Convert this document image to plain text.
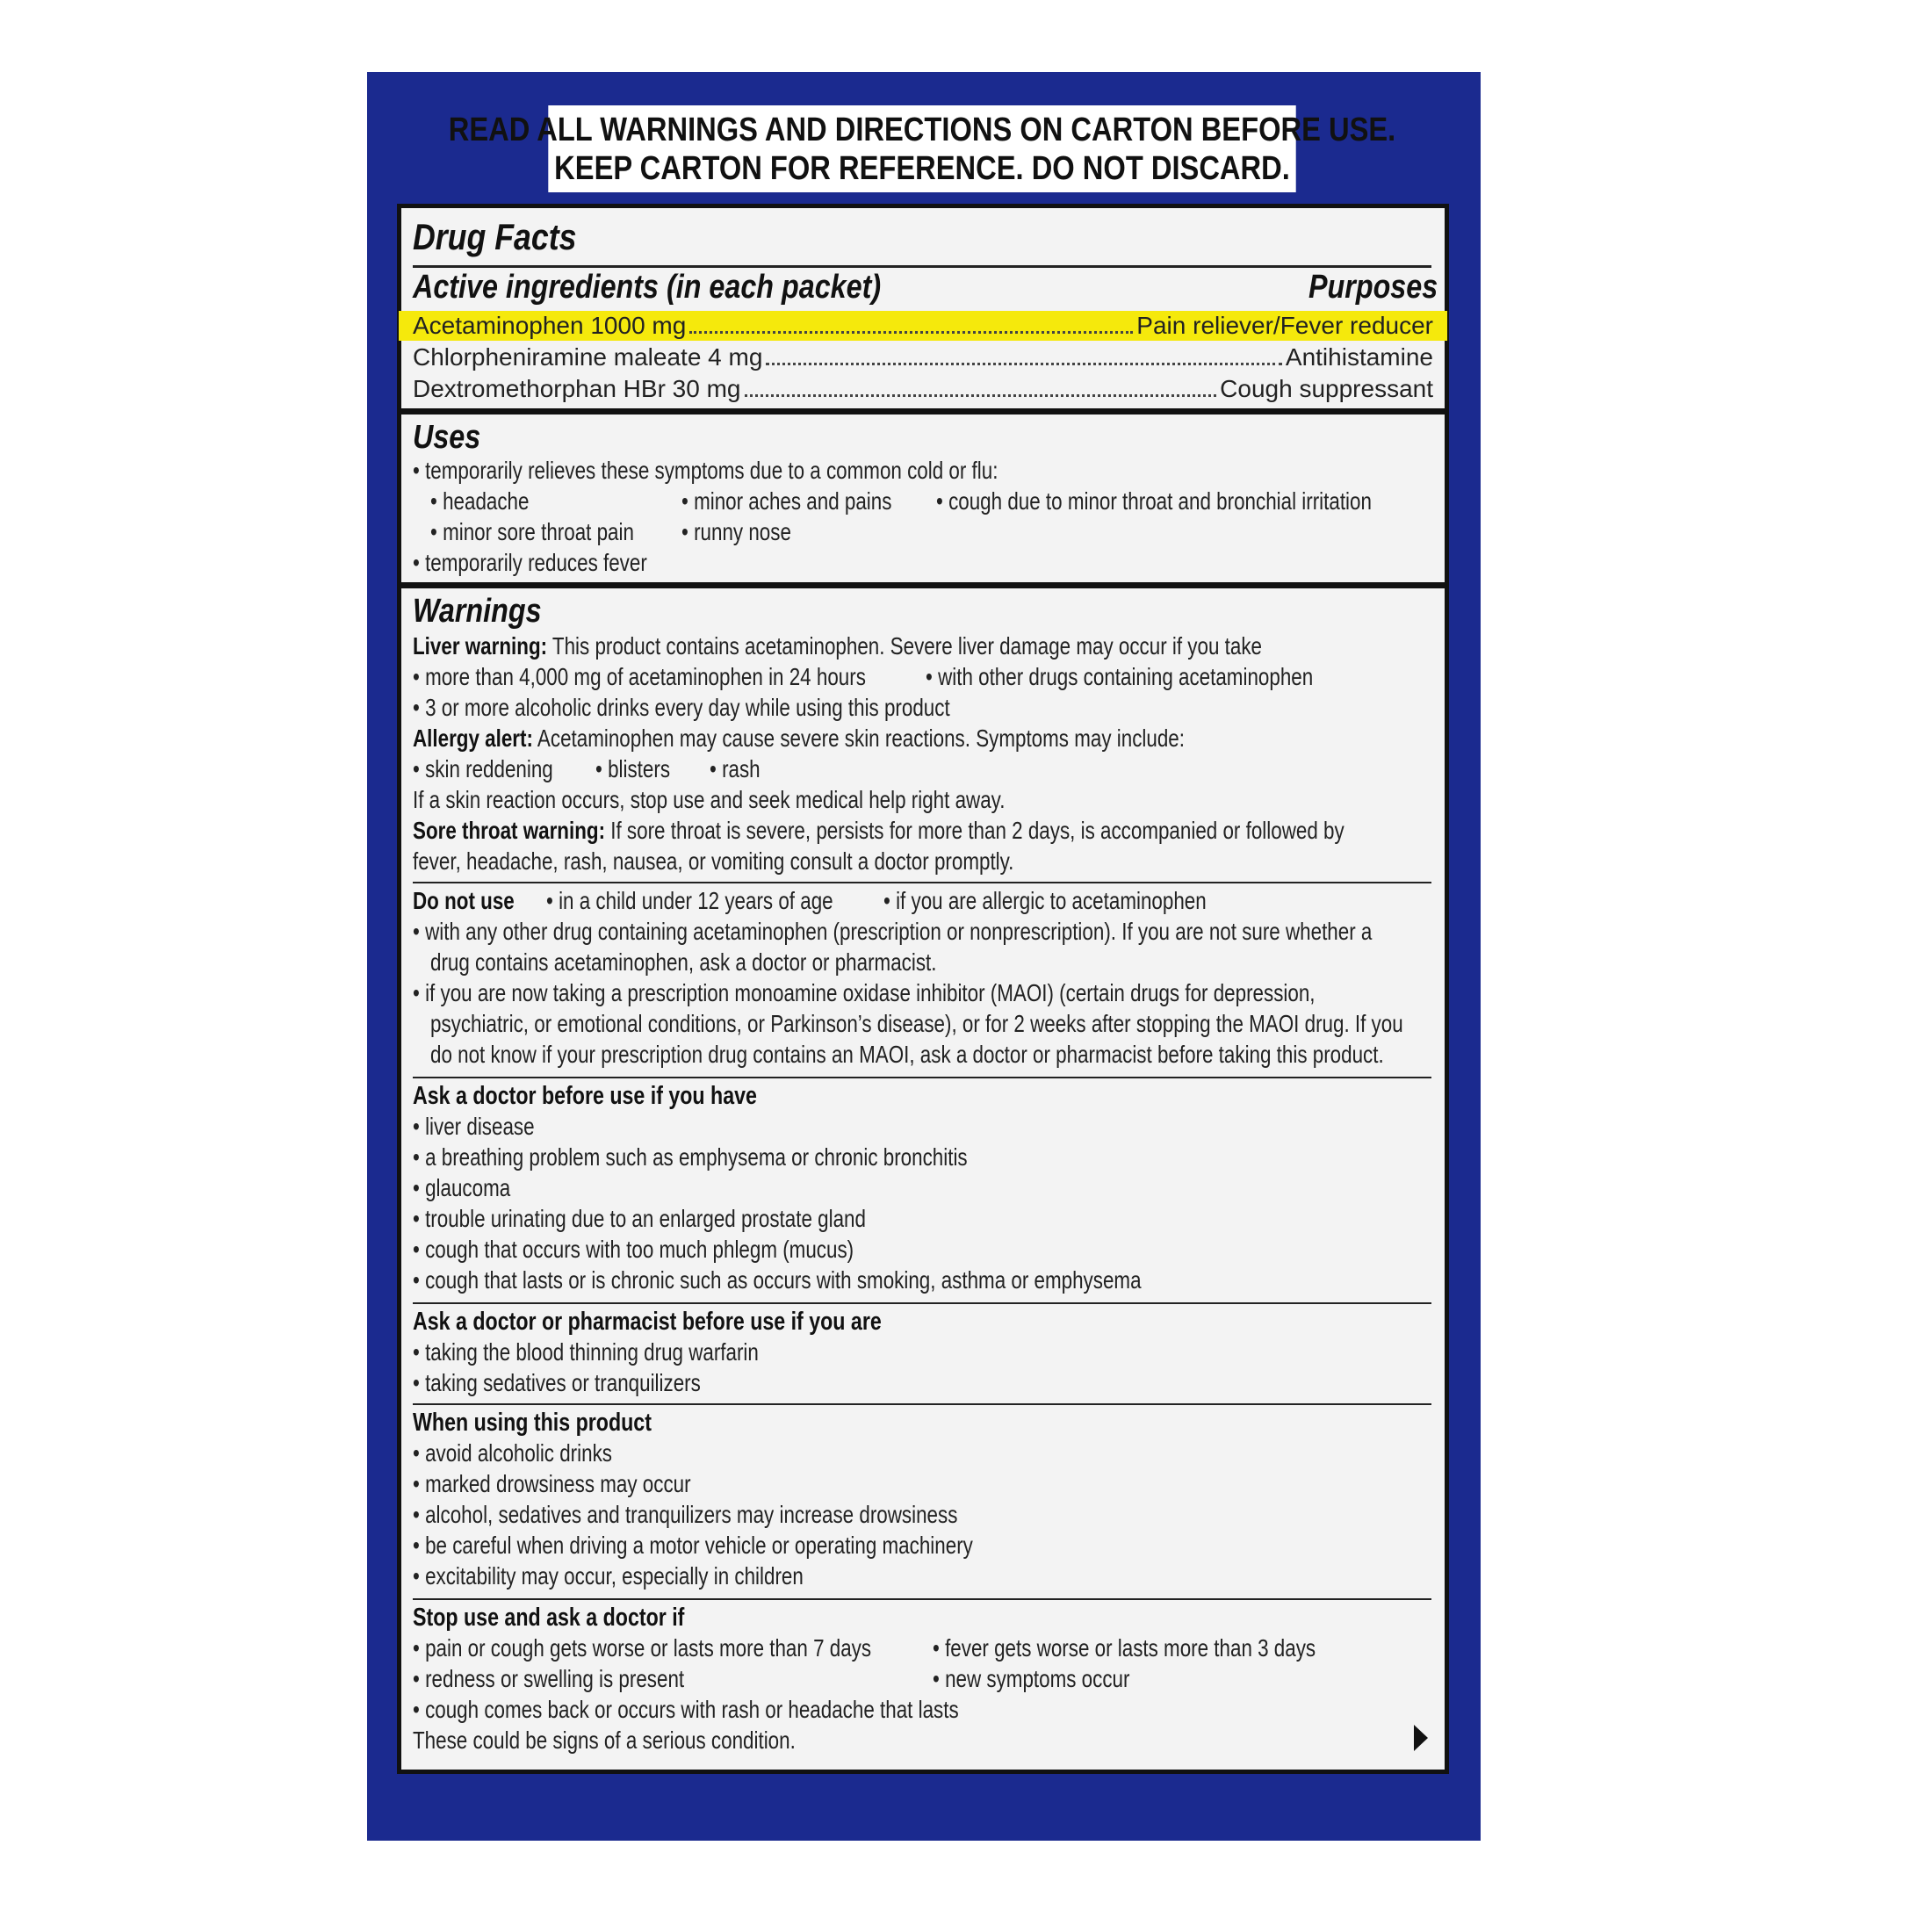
READ ALL WARNINGS AND DIRECTIONS ON CARTON BEFORE USE.
KEEP CARTON FOR REFERENCE. DO NOT DISCARD.
Drug Facts
Active ingredients (in each packet)	Purposes
Acetaminophen 1000 mg	Pain reliever/Fever reducer
Chlorpheniramine maleate 4 mg	Antihistamine
Dextromethorphan HBr 30 mg	Cough suppressant
Uses
• temporarily relieves these symptoms due to a common cold or flu:
• headache	• minor aches and pains • cough due to minor throat and bronchial irritation
• minor sore throat pain • runny nose
• temporarily reduces fever
Warnings
Liver warning: This product contains acetaminophen. Severe liver damage may occur if you take
• more than 4,000 mg of acetaminophen in 24 hours • with other drugs containing acetaminophen
• 3 or more alcoholic drinks every day while using this product
Allergy alert: Acetaminophen may cause severe skin reactions. Symptoms may include:
• skin reddening • blisters • rash
If a skin reaction occurs, stop use and seek medical help right away.
Sore throat warning: If sore throat is severe, persists for more than 2 days, is accompanied or followed by
fever, headache, rash, nausea, or vomiting consult a doctor promptly.
Do not use • in a child under 12 years of age • if you are allergic to acetaminophen
• with any other drug containing acetaminophen (prescription or nonprescription). If you are not sure whether a
drug contains acetaminophen, ask a doctor or pharmacist.
• if you are now taking a prescription monoamine oxidase inhibitor (MAOI) (certain drugs for depression,
psychiatric, or emotional conditions, or Parkinson’s disease), or for 2 weeks after stopping the MAOI drug. If you
do not know if your prescription drug contains an MAOI, ask a doctor or pharmacist before taking this product.
Ask a doctor before use if you have
• liver disease
• a breathing problem such as emphysema or chronic bronchitis
• glaucoma
• trouble urinating due to an enlarged prostate gland
• cough that occurs with too much phlegm (mucus)
• cough that lasts or is chronic such as occurs with smoking, asthma or emphysema
Ask a doctor or pharmacist before use if you are
• taking the blood thinning drug warfarin
• taking sedatives or tranquilizers
When using this product
• avoid alcoholic drinks
• marked drowsiness may occur
• alcohol, sedatives and tranquilizers may increase drowsiness
• be careful when driving a motor vehicle or operating machinery
• excitability may occur, especially in children
Stop use and ask a doctor if
• pain or cough gets worse or lasts more than 7 days • fever gets worse or lasts more than 3 days
• redness or swelling is present	• new symptoms occur
• cough comes back or occurs with rash or headache that lasts
These could be signs of a serious condition.
